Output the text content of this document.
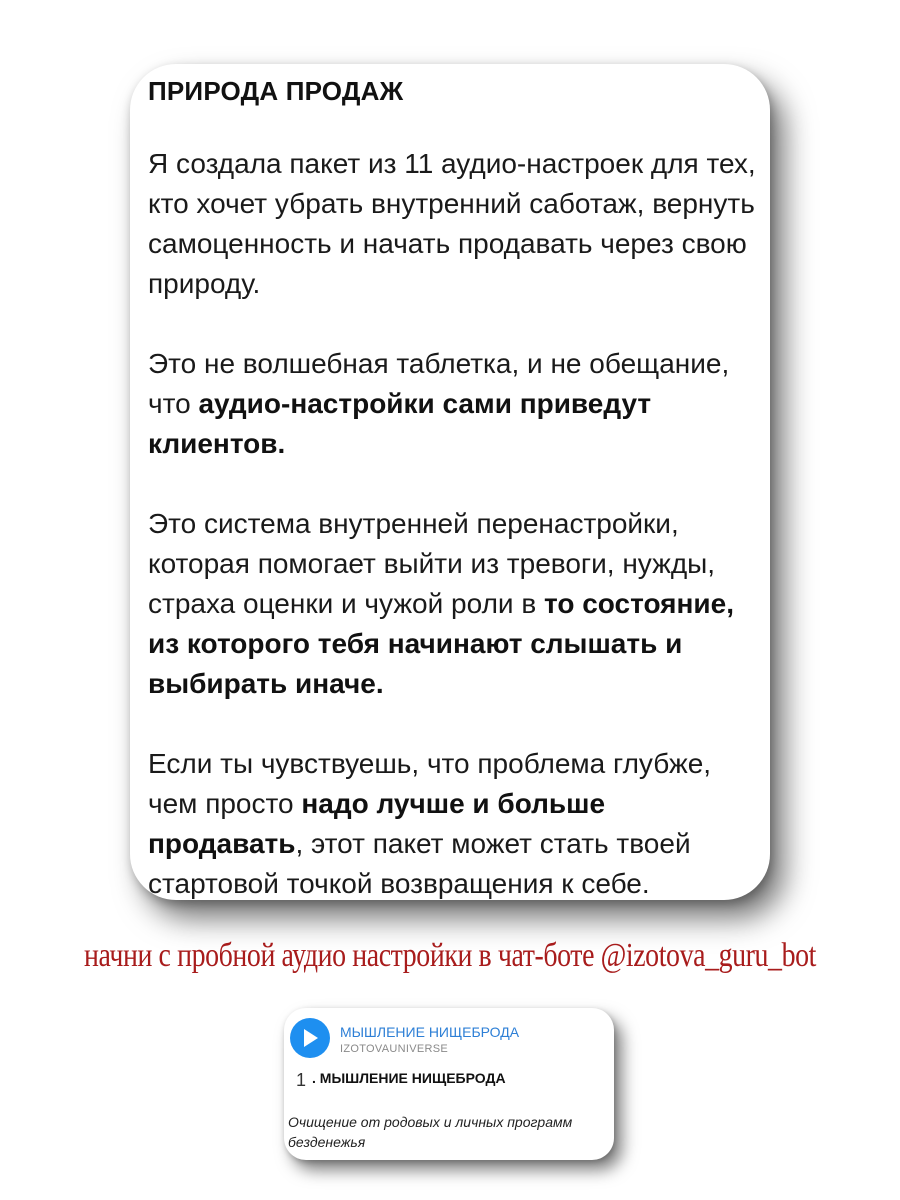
ПРИРОДА ПРОДАЖ

Я создала пакет из 11 аудио-настроек для тех, кто хочет убрать внутренний саботаж, вернуть самоценность и начать продавать через свою природу.

Это не волшебная таблетка, и не обещание, что аудио-настройки сами приведут клиентов.

Это система внутренней перенастройки, которая помогает выйти из тревоги, нужды, страха оценки и чужой роли в то состояние, из которого тебя начинают слышать и выбирать иначе.

Если ты чувствуешь, что проблема глубже, чем просто надо лучше и больше продавать, этот пакет может стать твоей стартовой точкой возвращения к себе.

начни с пробной аудио настройки в чат-боте @izotova_guru_bot
МЫШЛЕНИЕ НИЩЕБРОДА
IZOTOVAUNIVERSE
1 . МЫШЛЕНИЕ НИЩЕБРОДА
Очищение от родовых и личных программ безденежья
